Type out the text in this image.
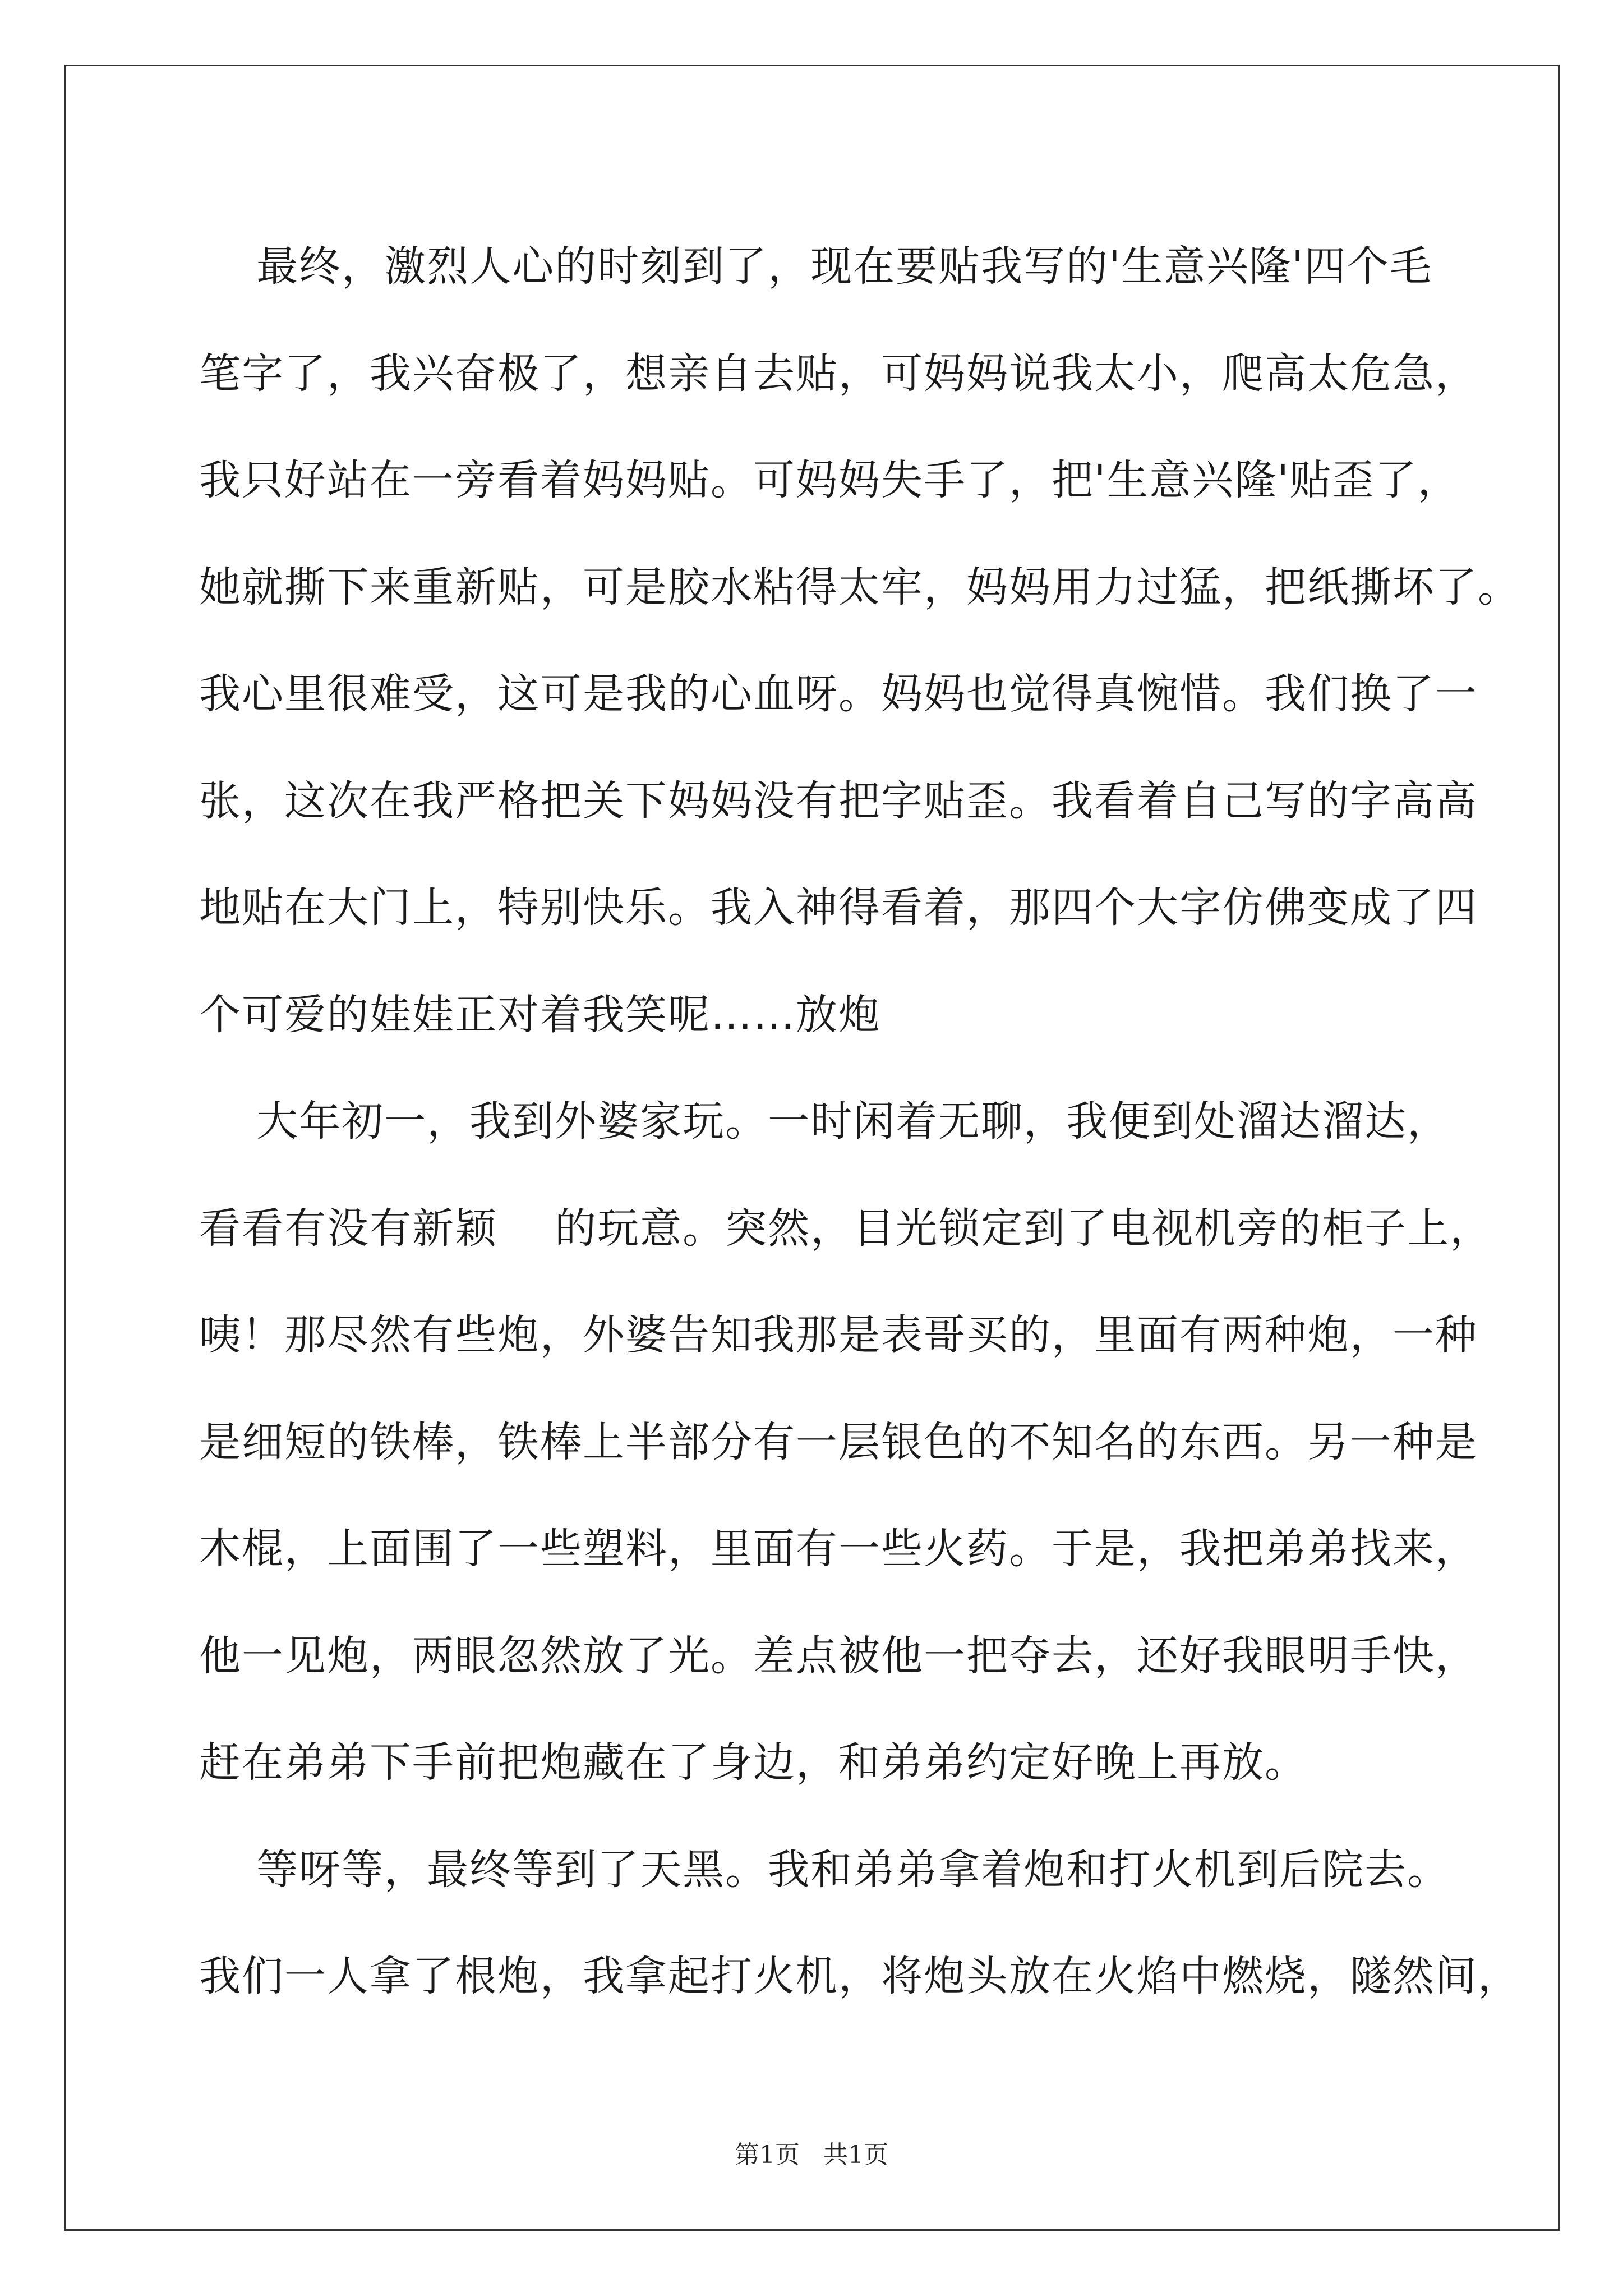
最终，激烈人心的时刻到了，现在要贴我写的'生意兴隆'四个毛
笔字了，我兴奋极了，想亲自去贴，可妈妈说我太小，爬高太危急，
我只好站在一旁看着妈妈贴。可妈妈失手了，把'生意兴隆'贴歪了，
她就撕下来重新贴，可是胶水粘得太牢，妈妈用力过猛，把纸撕坏了。
我心里很难受，这可是我的心血呀。妈妈也觉得真惋惜。我们换了一
张，这次在我严格把关下妈妈没有把字贴歪。我看着自己写的字高高
地贴在大门上，特别快乐。我入神得看着，那四个大字仿佛变成了四
个可爱的娃娃正对着我笑呢……放炮
大年初一，我到外婆家玩。一时闲着无聊，我便到处溜达溜达，
看看有没有新颖    的玩意。突然，目光锁定到了电视机旁的柜子上，
咦！那尽然有些炮，外婆告知我那是表哥买的，里面有两种炮，一种
是细短的铁棒，铁棒上半部分有一层银色的不知名的东西。另一种是
木棍，上面围了一些塑料，里面有一些火药。于是，我把弟弟找来，
他一见炮，两眼忽然放了光。差点被他一把夺去，还好我眼明手快，
赶在弟弟下手前把炮藏在了身边，和弟弟约定好晚上再放。
等呀等，最终等到了天黑。我和弟弟拿着炮和打火机到后院去。
我们一人拿了根炮，我拿起打火机，将炮头放在火焰中燃烧，隧然间，
第1页   共1页
